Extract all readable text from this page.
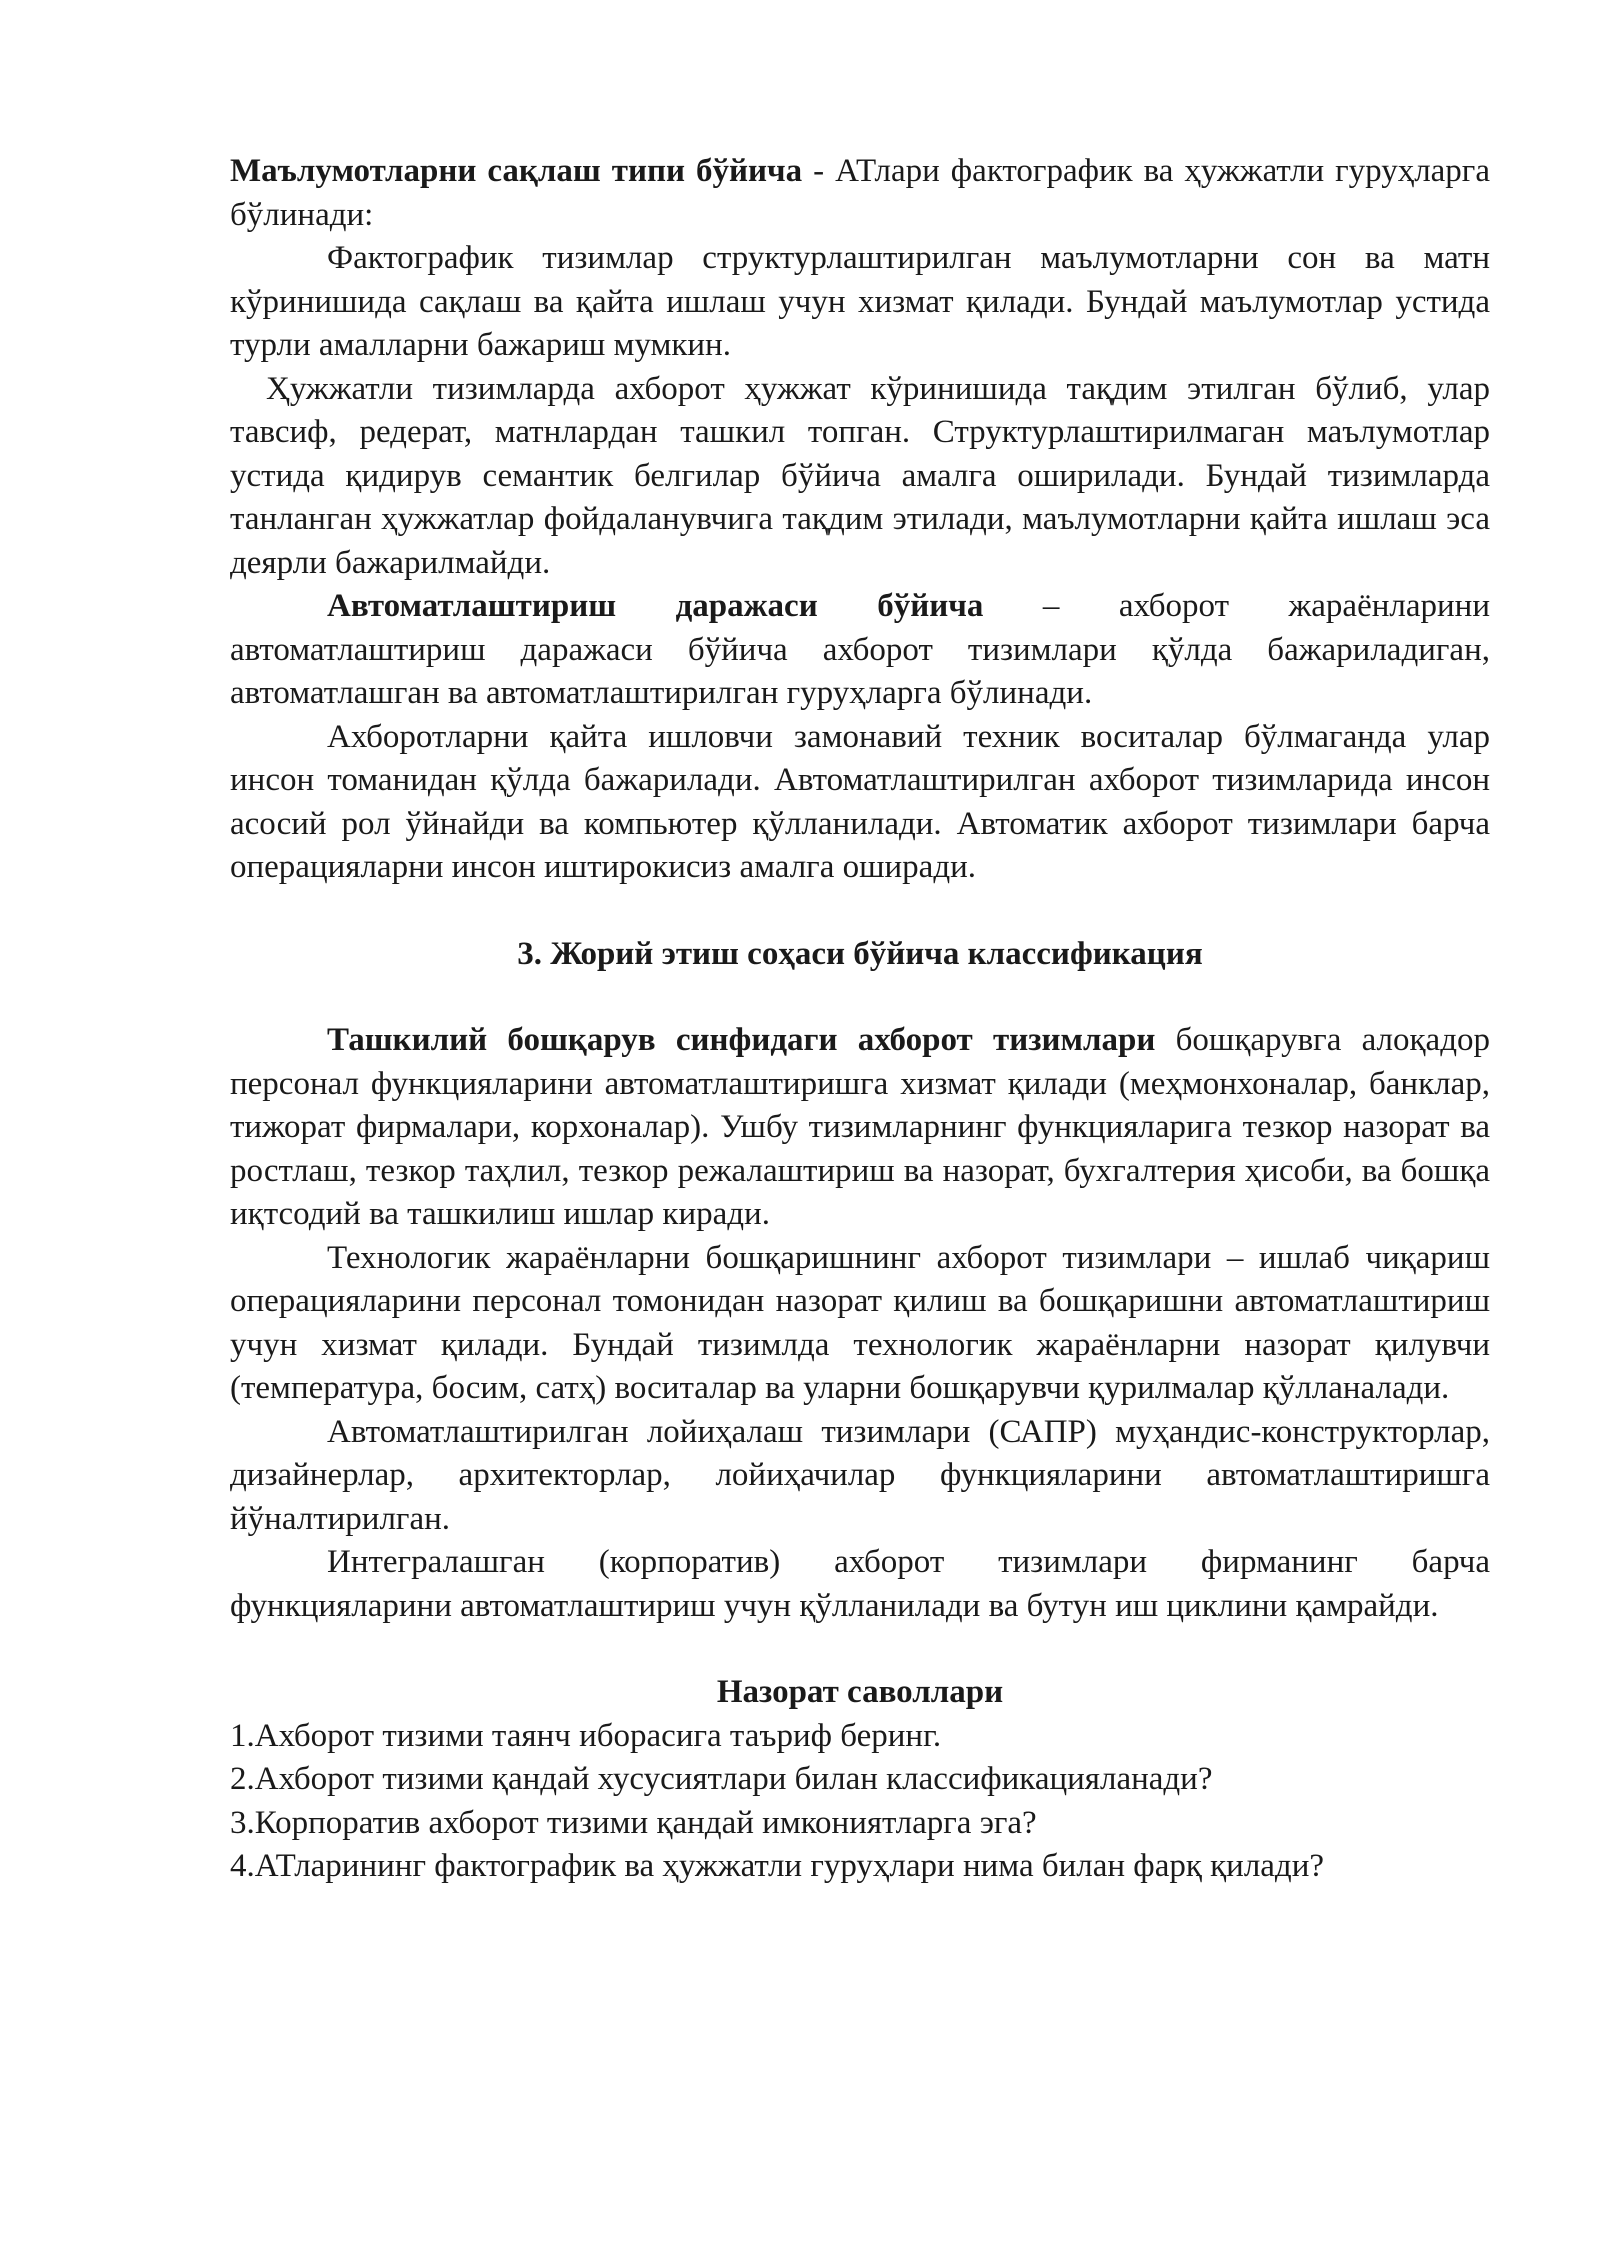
Маълумотларни сақлаш типи бўйича - АТлари фактографик ва ҳужжатли гуруҳларга бўлинади:

Фактографик тизимлар структурлаштирилган маълумотларни сон ва матн кўринишида сақлаш ва қайта ишлаш учун хизмат қилади. Бундай маълумотлар устида турли амалларни бажариш мумкин.

Ҳужжатли тизимларда ахборот ҳужжат кўринишида тақдим этилган бўлиб, улар тавсиф, редерат, матнлардан ташкил топган. Структурлаштирилмаган маълумотлар устида қидирув семантик белгилар бўйича амалга оширилади. Бундай тизимларда танланган ҳужжатлар фойдаланувчига тақдим этилади, маълумотларни қайта ишлаш эса деярли бажарилмайди.

Автоматлаштириш даражаси бўйича – ахборот жараёнларини автоматлаштириш даражаси бўйича ахборот тизимлари қўлда бажариладиган, автоматлашган ва автоматлаштирилган гуруҳларга бўлинади.

Ахборотларни қайта ишловчи замонавий техник воситалар бўлмаганда улар инсон томанидан қўлда бажарилади. Автоматлаштирилган ахборот тизимларида инсон асосий рол ўйнайди ва компьютер қўлланилади. Автоматик ахборот тизимлари барча операцияларни инсон иштирокисиз амалга оширади.

3. Жорий этиш соҳаси бўйича классификация

Ташкилий бошқарув синфидаги ахборот тизимлари бошқарувга алоқадор персонал функцияларини автоматлаштиришга хизмат қилади (меҳмонхоналар, банклар, тижорат фирмалари, корхоналар). Ушбу тизимларнинг функцияларига тезкор назорат ва ростлаш, тезкор таҳлил, тезкор режалаштириш ва назорат, бухгалтерия ҳисоби, ва бошқа иқтсодий ва ташкилиш ишлар киради.

Технологик жараёнларни бошқаришнинг ахборот тизимлари – ишлаб чиқариш операцияларини персонал томонидан назорат қилиш ва бошқаришни автоматлаштириш учун хизмат қилади. Бундай тизимлда технологик жараёнларни назорат қилувчи (температура, босим, сатҳ) воситалар ва уларни бошқарувчи қурилмалар қўлланалади.

Автоматлаштирилган лойиҳалаш тизимлари (САПР) муҳандис-конструкторлар, дизайнерлар, архитекторлар, лойиҳачилар функцияларини автоматлаштиришга йўналтирилган.

Интегралашган (корпоратив) ахборот тизимлари фирманинг барча функцияларини автоматлаштириш учун қўлланилади ва бутун иш циклини қамрайди.

Назорат саволлари

1.Ахборот тизими таянч иборасига таъриф беринг.

2.Ахборот тизими қандай хусусиятлари билан классификацияланади?

3.Корпоратив ахборот тизими қандай имкониятларга эга?

4.АТларининг фактографик ва ҳужжатли гуруҳлари нима билан фарқ қилади?
